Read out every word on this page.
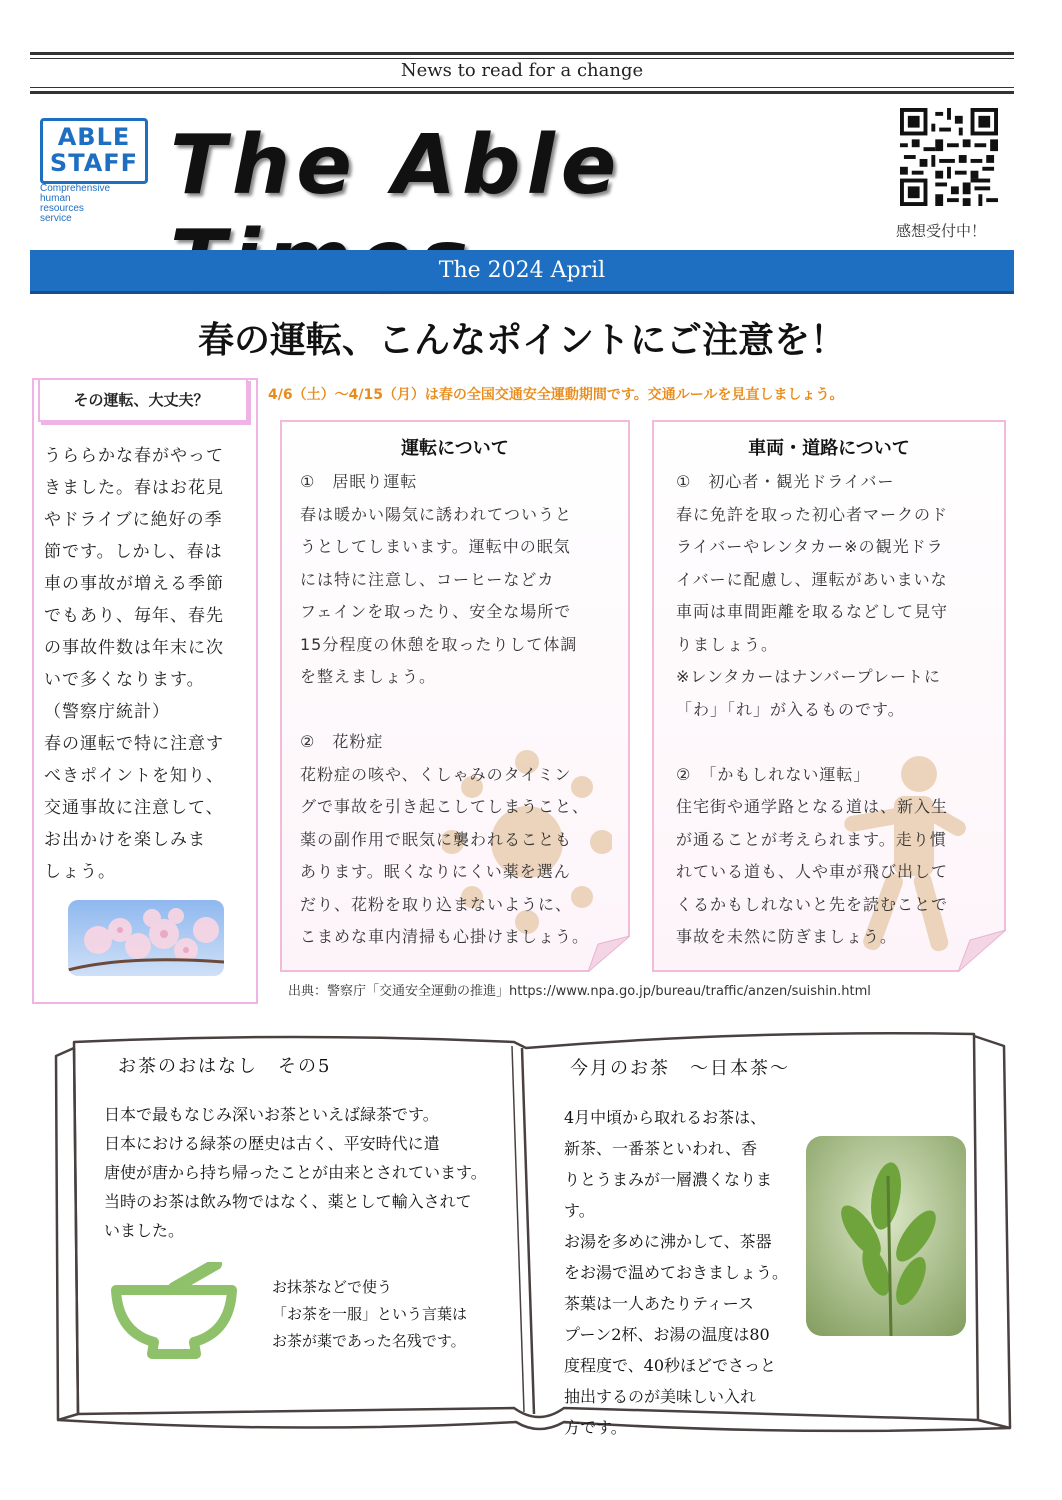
News to read for a change
ABLE
STAFF
Comprehensive
human
resources
service
The Able
感想受付中！
The 2024 April
春の運転、こんなポイントにご注意を！
その運転、大丈夫？
うららかな春がやって
きました。春はお花見
やドライブに絶好の季
節です。しかし、春は
車の事故が増える季節
でもあり、毎年、春先
の事故件数は年末に次
いで多くなります。
（警察庁統計）
春の運転で特に注意す
べきポイントを知り、
交通事故に注意して、
お出かけを楽しみま
しょう。
4/6（土）～4/15（月）は春の全国交通安全運動期間です。交通ルールを見直しましょう。
運転について
①　居眠り運転
春は暖かい陽気に誘われてついうと
うとしてしまいます。運転中の眠気
には特に注意し、コーヒーなどカ
フェインを取ったり、安全な場所で
15分程度の休憩を取ったりして体調
を整えましょう。

②　花粉症
花粉症の咳や、くしゃみのタイミン
グで事故を引き起こしてしまうこと、
薬の副作用で眠気に襲われることも
あります。眠くなりにくい薬を選ん
だり、花粉を取り込まないように、
こまめな車内清掃も心掛けましょう。
車両・道路について
①　初心者・観光ドライバー
春に免許を取った初心者マークのド
ライバーやレンタカー※の観光ドラ
イバーに配慮し、運転があいまいな
車両は車間距離を取るなどして見守
りましょう。
※レンタカーはナンバープレートに
「わ」「れ」が入るものです。

②　「かもしれない運転」
住宅街や通学路となる道は、新入生
が通ることが考えられます。走り慣
れている道も、人や車が飛び出して
くるかもしれないと先を読むことで
事故を未然に防ぎましょう。
出典：警察庁「交通安全運動の推進」https://www.npa.go.jp/bureau/traffic/anzen/suishin.html
お茶のおはなし　その5
日本で最もなじみ深いお茶といえば緑茶です。
日本における緑茶の歴史は古く、平安時代に遣
唐使が唐から持ち帰ったことが由来とされています。
当時のお茶は飲み物ではなく、薬として輸入されて
いました。
お抹茶などで使う
「お茶を一服」という言葉は
お茶が薬であった名残です。
今月のお茶　～日本茶～
4月中頃から取れるお茶は、
新茶、一番茶といわれ、香
りとうまみが一層濃くなります。
お湯を多めに沸かして、茶器
をお湯で温めておきましょう。
茶葉は一人あたりティース
プーン2杯、お湯の温度は80
度程度で、40秒ほどでさっと
抽出するのが美味しい入れ
方です。
